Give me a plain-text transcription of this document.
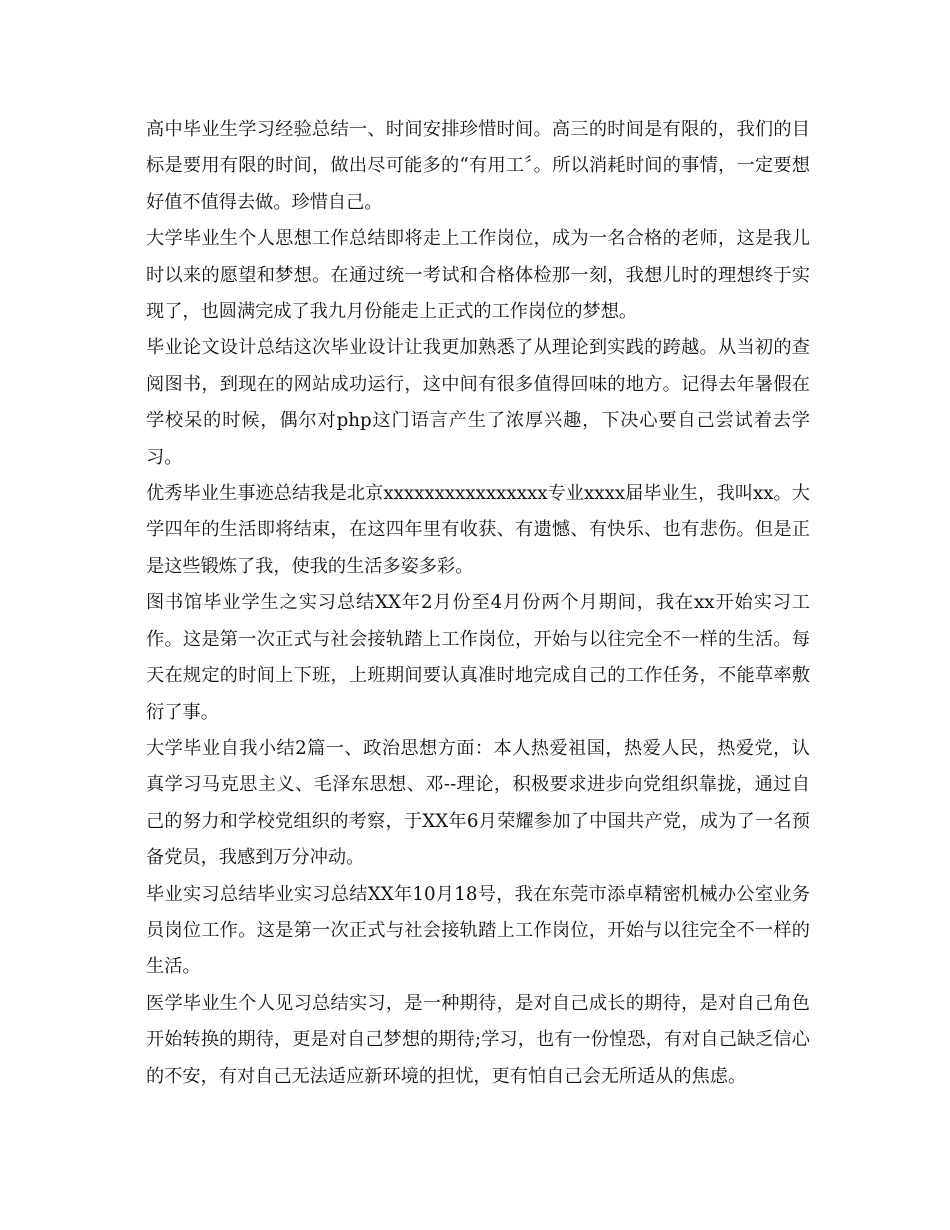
高中毕业生学习经验总结一、时间安排珍惜时间。高三的时间是有限的，我们的目标是要用有限的时间，做出尽可能多的“有用工〞。所以消耗时间的事情，一定要想好值不值得去做。珍惜自己。

大学毕业生个人思想工作总结即将走上工作岗位，成为一名合格的老师，这是我儿时以来的愿望和梦想。在通过统一考试和合格体检那一刻，我想儿时的理想终于实现了，也圆满完成了我九月份能走上正式的工作岗位的梦想。

毕业论文设计总结这次毕业设计让我更加熟悉了从理论到实践的跨越。从当初的查阅图书，到现在的网站成功运行，这中间有很多值得回味的地方。记得去年暑假在学校呆的时候，偶尔对php这门语言产生了浓厚兴趣，下决心要自己尝试着去学习。

优秀毕业生事迹总结我是北京xxxxxxxxxxxxxxxx专业xxxx届毕业生，我叫xx。大学四年的生活即将结束，在这四年里有收获、有遗憾、有快乐、也有悲伤。但是正是这些锻炼了我，使我的生活多姿多彩。

图书馆毕业学生之实习总结XX年2月份至4月份两个月期间，我在xx开始实习工作。这是第一次正式与社会接轨踏上工作岗位，开始与以往完全不一样的生活。每天在规定的时间上下班，上班期间要认真准时地完成自己的工作任务，不能草率敷衍了事。

大学毕业自我小结2篇一、政治思想方面：本人热爱祖国，热爱人民，热爱党，认真学习马克思主义、毛泽东思想、邓--理论，积极要求进步向党组织靠拢，通过自己的努力和学校党组织的考察，于XX年6月荣耀参加了中国共产党，成为了一名预备党员，我感到万分冲动。

毕业实习总结毕业实习总结XX年10月18号，我在东莞市添卓精密机械办公室业务员岗位工作。这是第一次正式与社会接轨踏上工作岗位，开始与以往完全不一样的生活。

医学毕业生个人见习总结实习，是一种期待，是对自己成长的期待，是对自己角色开始转换的期待，更是对自己梦想的期待;学习，也有一份惶恐，有对自己缺乏信心的不安，有对自己无法适应新环境的担忧，更有怕自己会无所适从的焦虑。
